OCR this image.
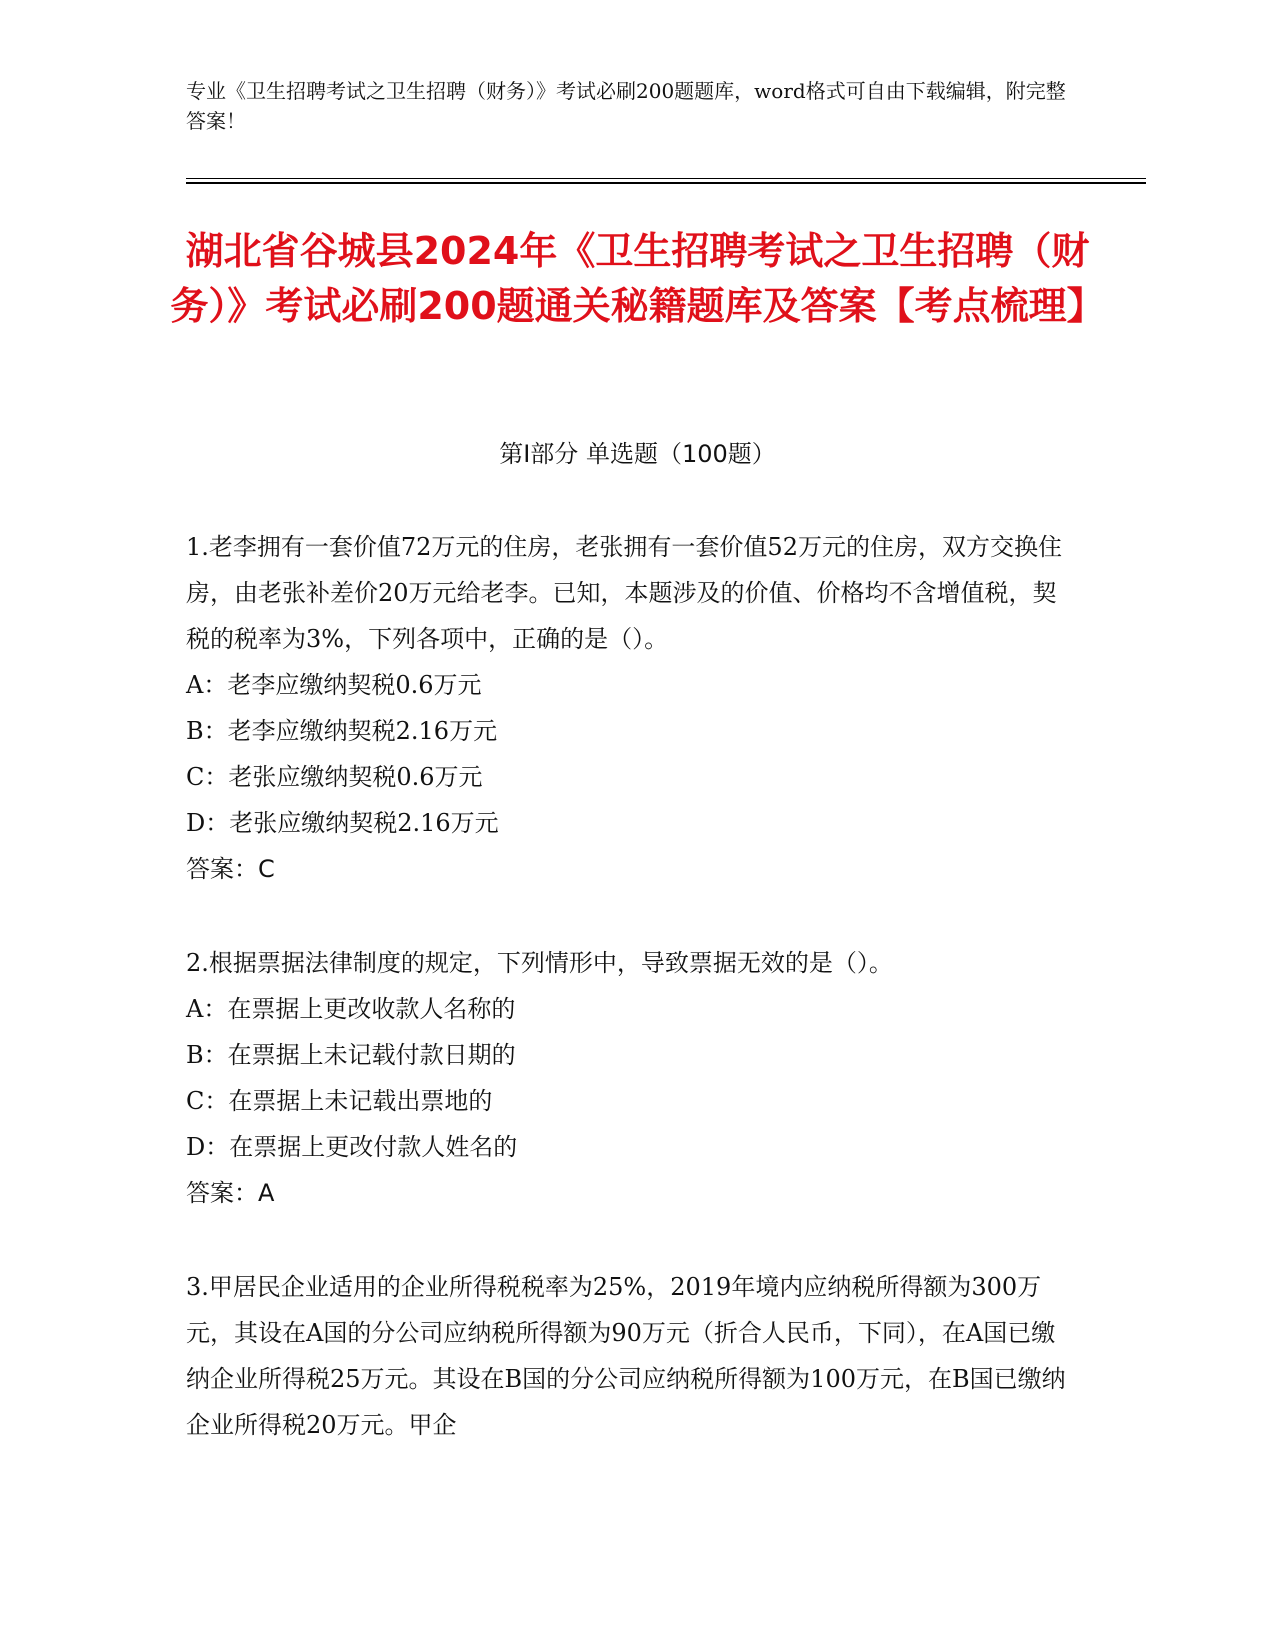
专业《卫生招聘考试之卫生招聘（财务）》考试必刷200题题库，word格式可自由下载编辑，附完整答案！
湖北省谷城县2024年《卫生招聘考试之卫生招聘（财务）》考试必刷200题通关秘籍题库及答案【考点梳理】
第Ⅰ部分 单选题（100题）

1.老李拥有一套价值72万元的住房，老张拥有一套价值52万元的住房，双方交换住房，由老张补差价20万元给老李。已知，本题涉及的价值、价格均不含增值税，契税的税率为3%，下列各项中，正确的是（）。

A：老李应缴纳契税0.6万元

B：老李应缴纳契税2.16万元

C：老张应缴纳契税0.6万元

D：老张应缴纳契税2.16万元

答案：C

2.根据票据法律制度的规定，下列情形中，导致票据无效的是（）。

A：在票据上更改收款人名称的

B：在票据上未记载付款日期的

C：在票据上未记载出票地的

D：在票据上更改付款人姓名的

答案：A

3.甲居民企业适用的企业所得税税率为25%，2019年境内应纳税所得额为300万元，其设在A国的分公司应纳税所得额为90万元（折合人民币，下同），在A国已缴纳企业所得税25万元。其设在B国的分公司应纳税所得额为100万元，在B国已缴纳企业所得税20万元。甲企
